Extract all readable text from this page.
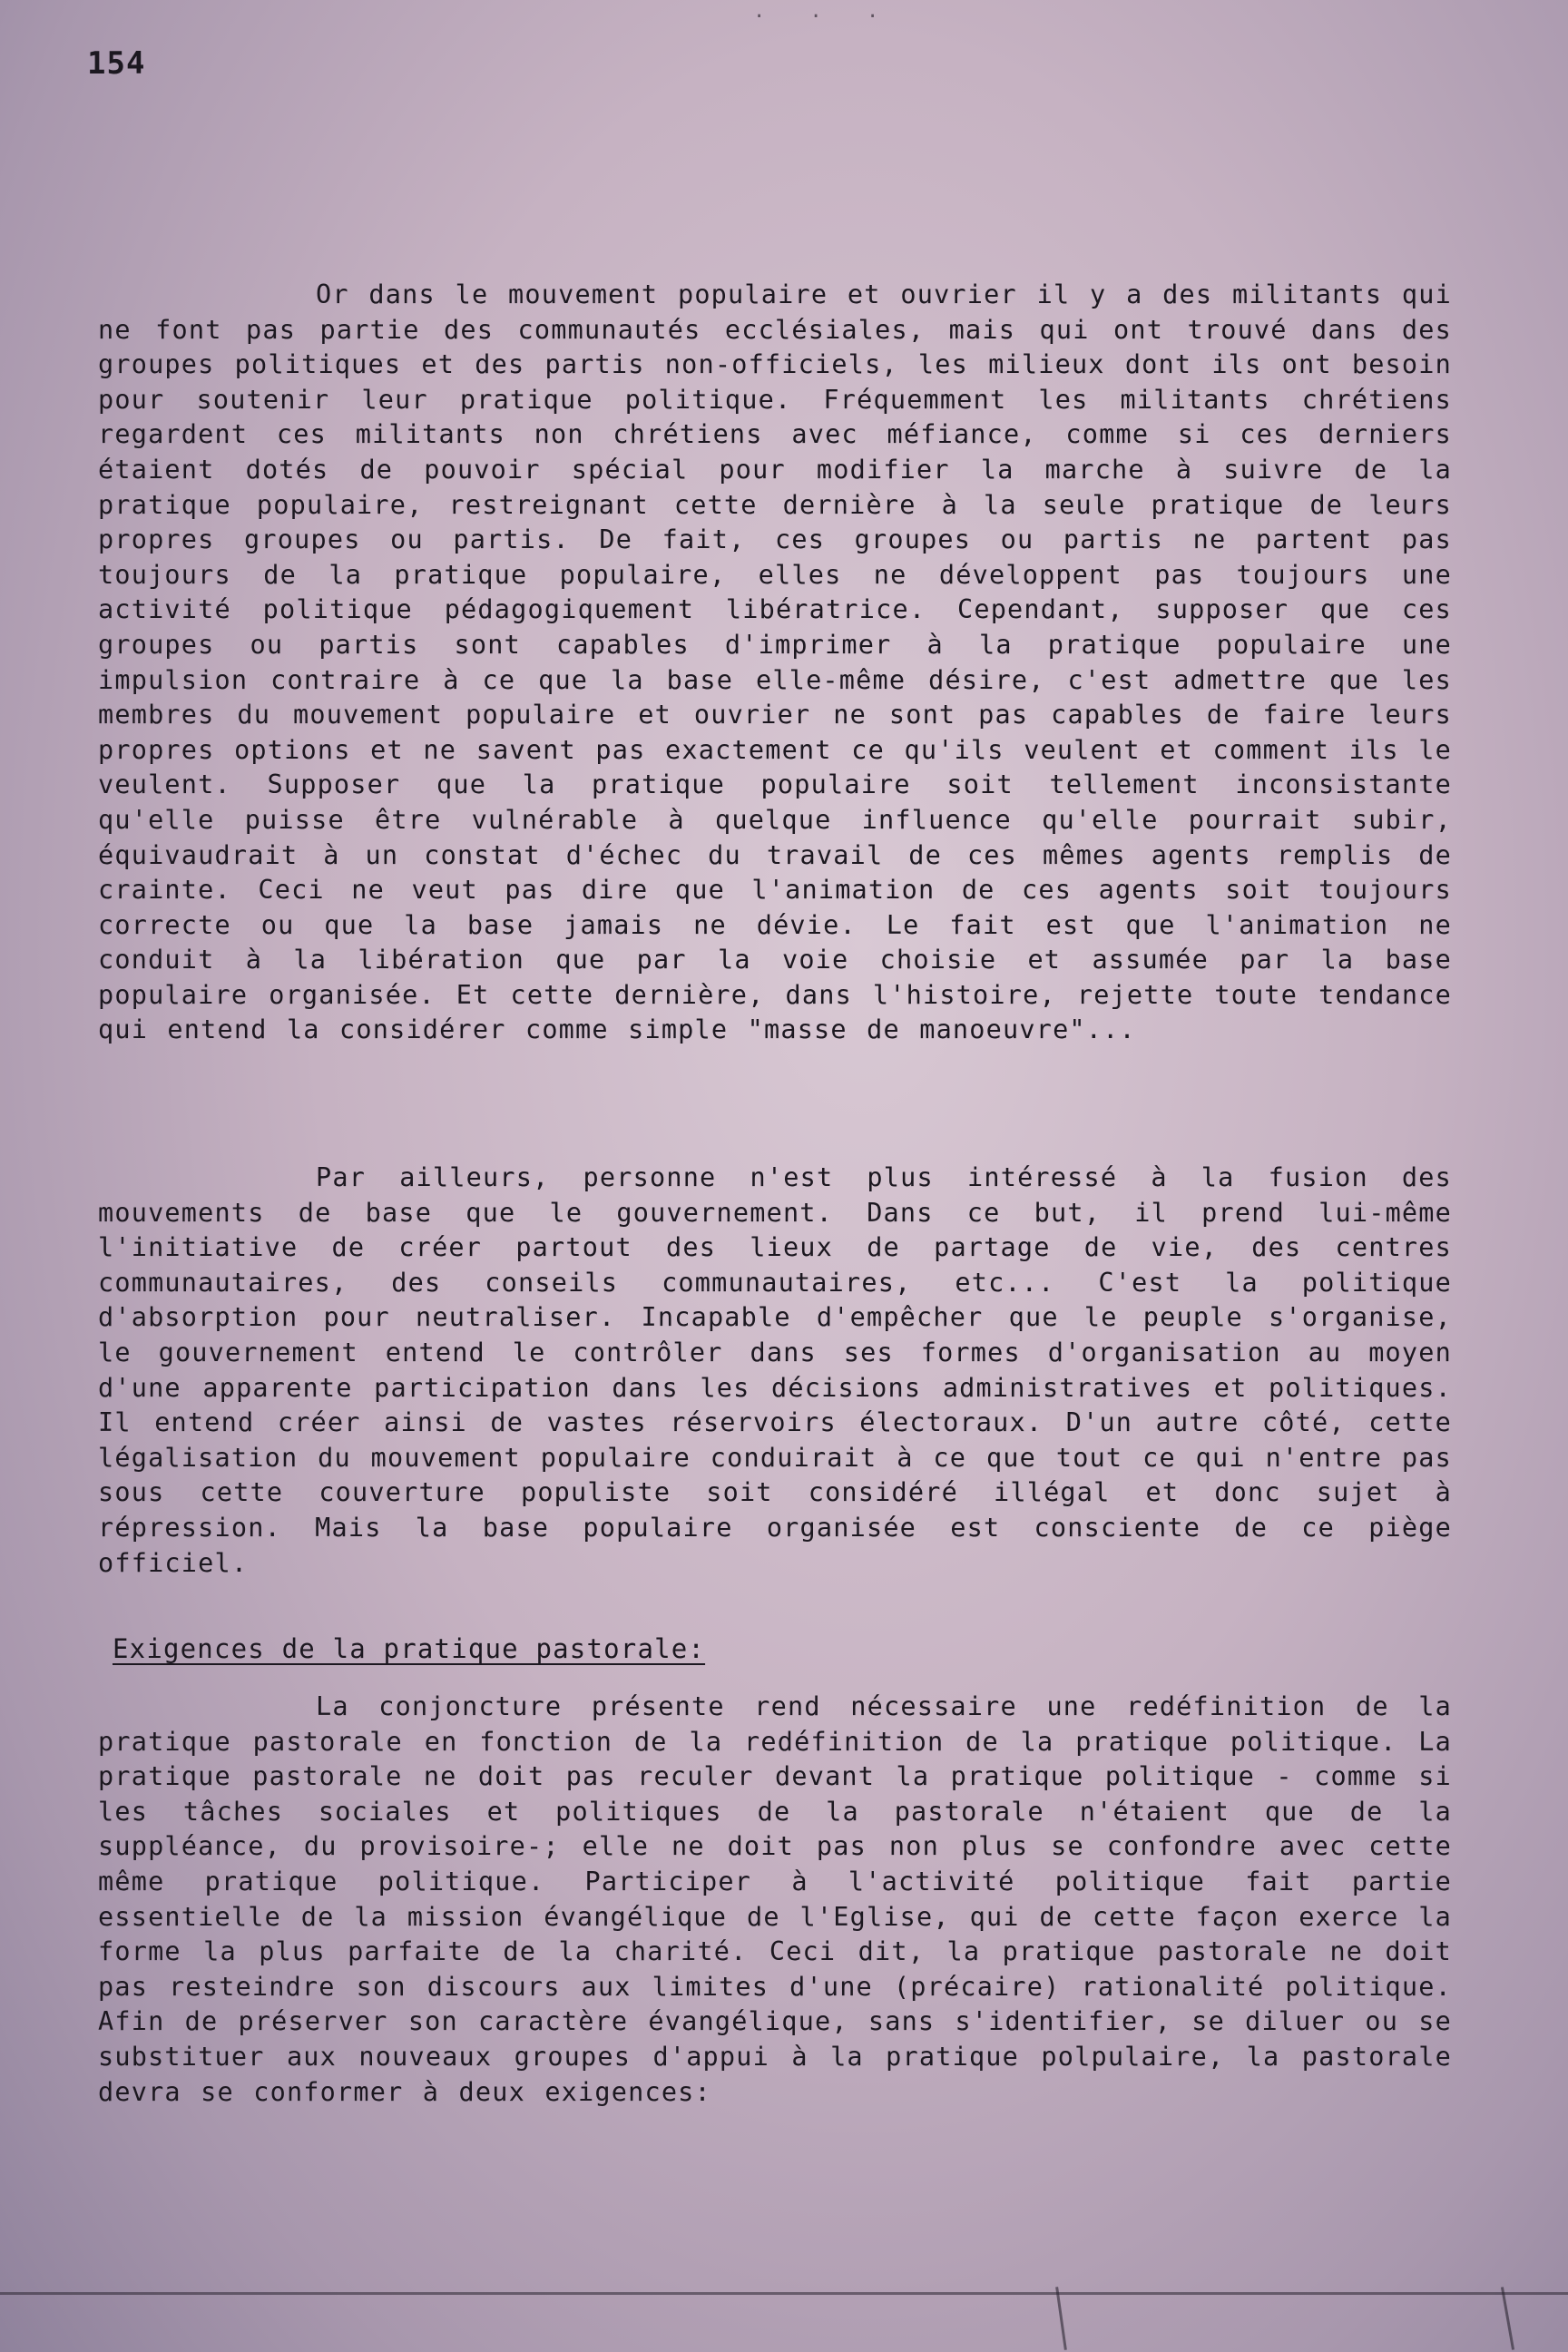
· · ·
154

Or dans le mouvement populaire et ouvrier il y a des militants qui ne font pas partie des communautés ecclésiales, mais qui ont trouvé dans des groupes politiques et des partis non-officiels, les milieux dont ils ont besoin pour soutenir leur pratique politique. Fréquemment les militants chrétiens regardent ces militants non chrétiens avec méfiance, comme si ces derniers étaient dotés de pouvoir spécial pour modifier la marche à suivre de la pratique populaire, restreignant cette dernière à la seule pratique de leurs propres groupes ou partis. De fait, ces groupes ou partis ne partent pas toujours de la pratique populaire, elles ne développent pas toujours une activité politique pédagogiquement libératrice. Cependant, supposer que ces groupes ou partis sont capables d'imprimer à la pratique populaire une impulsion contraire à ce que la base elle-même désire, c'est admettre que les membres du mouvement populaire et ouvrier ne sont pas capables de faire leurs propres options et ne savent pas exactement ce qu'ils veulent et comment ils le veulent. Supposer que la pratique populaire soit tellement inconsistante qu'elle puisse être vulnérable à quelque influence qu'elle pourrait subir, équivaudrait à un constat d'échec du travail de ces mêmes agents remplis de crainte. Ceci ne veut pas dire que l'animation de ces agents soit toujours correcte ou que la base jamais ne dévie. Le fait est que l'animation ne conduit à la libération que par la voie choisie et assumée par la base populaire organisée. Et cette dernière, dans l'histoire, rejette toute tendance qui entend la considérer comme simple "masse de manoeuvre"...

Par ailleurs, personne n'est plus intéressé à la fusion des mouvements de base que le gouvernement. Dans ce but, il prend lui-même l'initiative de créer partout des lieux de partage de vie, des centres communautaires, des conseils communautaires, etc... C'est la politique d'absorption pour neutraliser. Incapable d'empêcher que le peuple s'organise, le gouvernement entend le contrôler dans ses formes d'organisation au moyen d'une apparente participation dans les décisions administratives et politiques. Il entend créer ainsi de vastes réservoirs électoraux. D'un autre côté, cette légalisation du mouvement populaire conduirait à ce que tout ce qui n'entre pas sous cette couverture populiste soit considéré illégal et donc sujet à répression. Mais la base populaire organisée est consciente de ce piège officiel.

Exigences de la pratique pastorale:

La conjoncture présente rend nécessaire une redéfinition de la pratique pastorale en fonction de la redéfinition de la pratique politique. La pratique pastorale ne doit pas reculer devant la pratique politique - comme si les tâches sociales et politiques de la pastorale n'étaient que de la suppléance, du provisoire-; elle ne doit pas non plus se confondre avec cette même pratique politique. Participer à l'activité politique fait partie essentielle de la mission évangélique de l'Eglise, qui de cette façon exerce la forme la plus parfaite de la charité. Ceci dit, la pratique pastorale ne doit pas resteindre son discours aux limites d'une (précaire) rationalité politique. Afin de préserver son caractère évangélique, sans s'identifier, se diluer ou se substituer aux nouveaux groupes d'appui à la pratique polpulaire, la pastorale devra se conformer à deux exigences:
